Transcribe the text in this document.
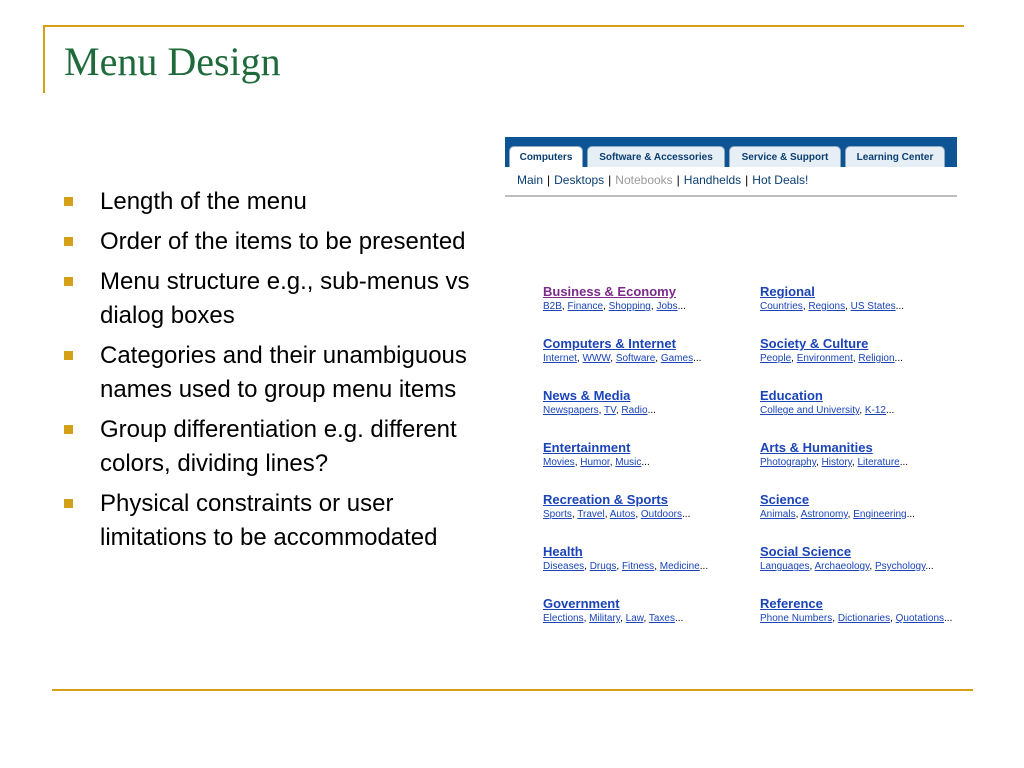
Menu Design
Length of the menu
Order of the items to be presented
Menu structure e.g., sub-menus vs dialog boxes
Categories and their unambiguous names used to group menu items
Group differentiation e.g. different colors, dividing lines?
Physical constraints or user limitations to be accommodated
Computers	Software & Accessories	Service & Support	Learning Center
Main | Desktops | Notebooks | Handhelds | Hot Deals!
Business & Economy
B2B, Finance, Shopping, Jobs...
Computers & Internet
Internet, WWW, Software, Games...
News & Media
Newspapers, TV, Radio...
Entertainment
Movies, Humor, Music...
Recreation & Sports
Sports, Travel, Autos, Outdoors...
Health
Diseases, Drugs, Fitness, Medicine...
Government
Elections, Military, Law, Taxes...
Regional
Countries, Regions, US States...
Society & Culture
People, Environment, Religion...
Education
College and University, K-12...
Arts & Humanities
Photography, History, Literature...
Science
Animals, Astronomy, Engineering...
Social Science
Languages, Archaeology, Psychology...
Reference
Phone Numbers, Dictionaries, Quotations...
